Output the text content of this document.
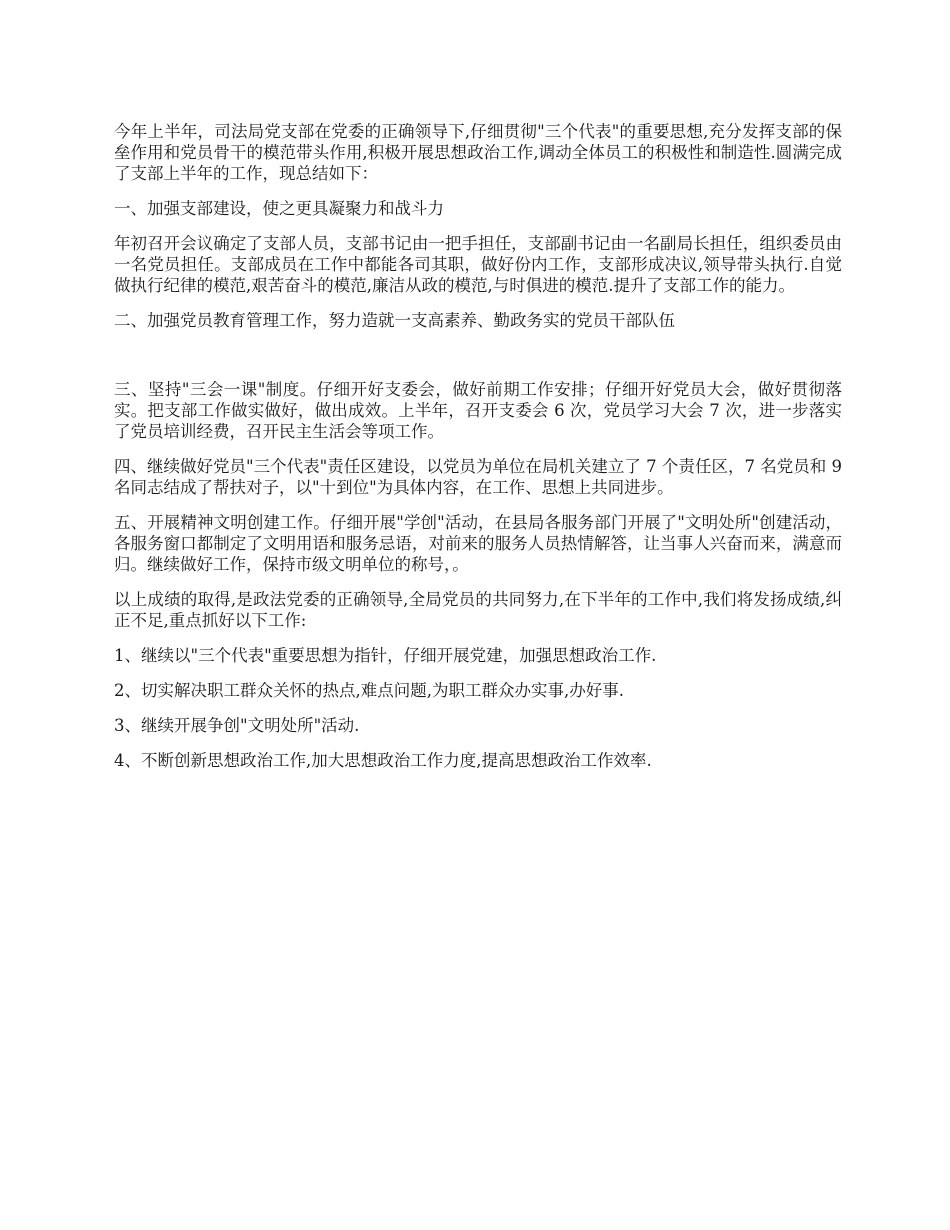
今年上半年，司法局党支部在党委的正确领导下,仔细贯彻"三个代表"的重要思想,充分发挥支部的保垒作用和党员骨干的模范带头作用,积极开展思想政治工作,调动全体员工的积极性和制造性.圆满完成了支部上半年的工作，现总结如下：

一、加强支部建设，使之更具凝聚力和战斗力

年初召开会议确定了支部人员，支部书记由一把手担任，支部副书记由一名副局长担任，组织委员由一名党员担任。支部成员在工作中都能各司其职，做好份内工作，支部形成决议,领导带头执行.自觉做执行纪律的模范,艰苦奋斗的模范,廉洁从政的模范,与时俱进的模范.提升了支部工作的能力。

二、加强党员教育管理工作，努力造就一支高素养、勤政务实的党员干部队伍

三、坚持"三会一课"制度。仔细开好支委会，做好前期工作安排；仔细开好党员大会，做好贯彻落实。把支部工作做实做好，做出成效。上半年，召开支委会 6 次，党员学习大会 7 次，进一步落实了党员培训经费，召开民主生活会等项工作。

四、继续做好党员"三个代表"责任区建设，以党员为单位在局机关建立了 7 个责任区，7 名党员和 9 名同志结成了帮扶对子，以"十到位"为具体内容，在工作、思想上共同进步。

五、开展精神文明创建工作。仔细开展"学创"活动，在县局各服务部门开展了"文明处所"创建活动，各服务窗口都制定了文明用语和服务忌语，对前来的服务人员热情解答，让当事人兴奋而来，满意而归。继续做好工作，保持市级文明单位的称号，。

以上成绩的取得,是政法党委的正确领导,全局党员的共同努力,在下半年的工作中,我们将发扬成绩,纠正不足,重点抓好以下工作:

1、继续以"三个代表"重要思想为指针，仔细开展党建，加强思想政治工作.

2、切实解决职工群众关怀的热点,难点问题,为职工群众办实事,办好事.

3、继续开展争创"文明处所"活动.

4、不断创新思想政治工作,加大思想政治工作力度,提高思想政治工作效率.
